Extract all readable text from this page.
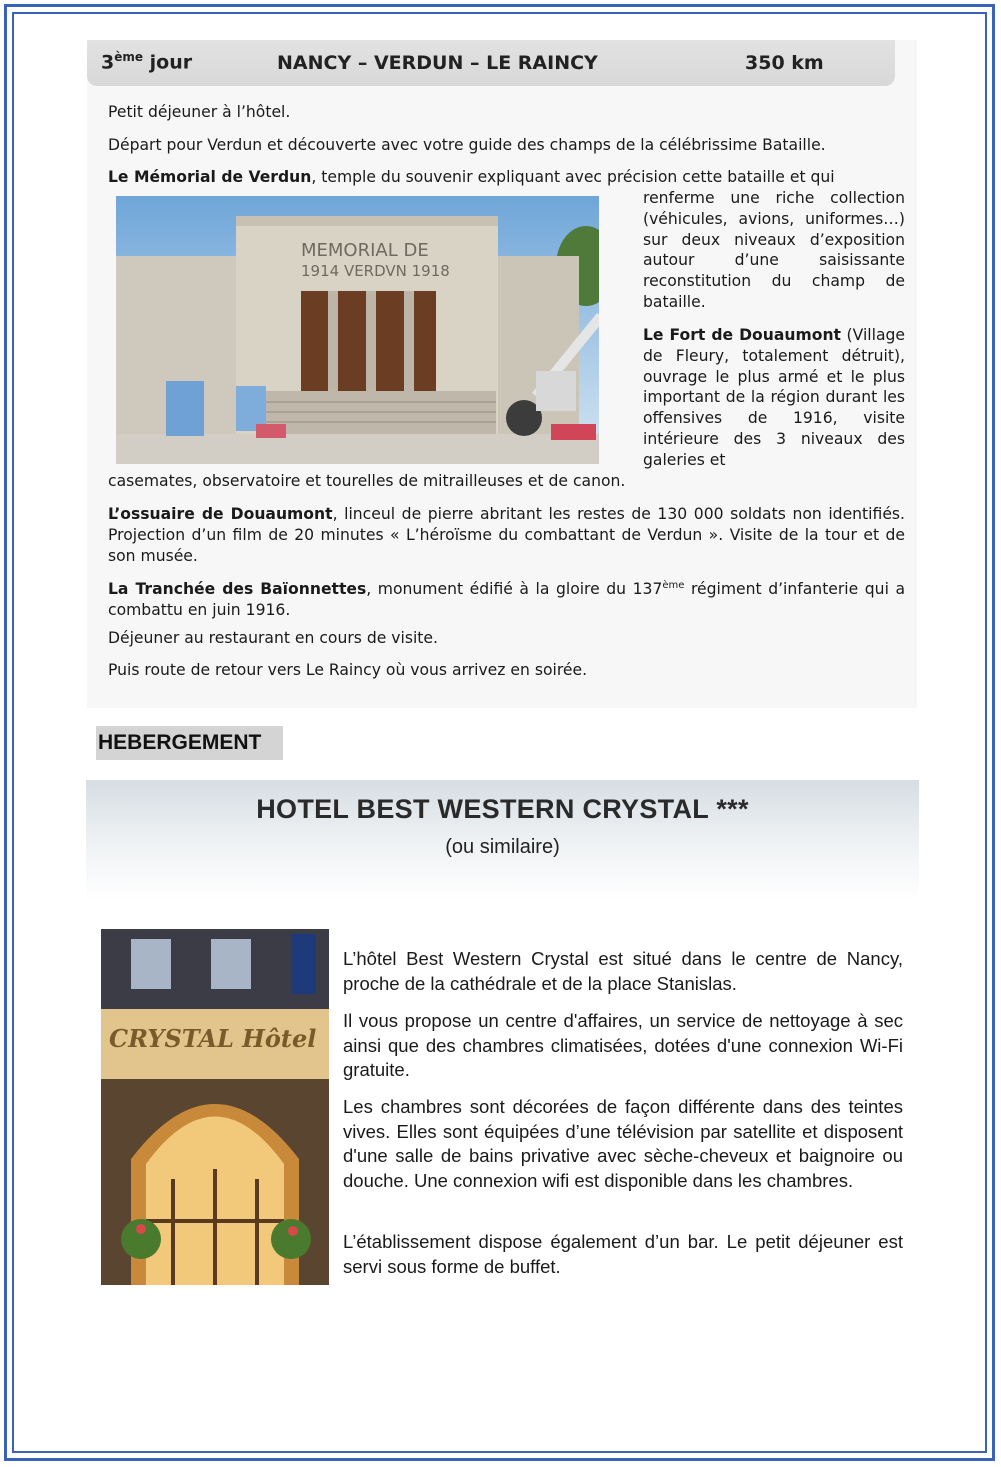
3ème jour	NANCY – VERDUN – LE RAINCY	350 km

Petit déjeuner à l’hôtel.

Départ pour Verdun et découverte avec votre guide des champs de la célébrissime Bataille.

Le Mémorial de Verdun, temple du souvenir expliquant avec précision cette bataille et qui

MEMORIAL DE
1914 VERDVN 1918

renferme une riche collection (véhicules, avions, uniformes…) sur deux niveaux d’exposition autour d’une saisissante reconstitution du champ de bataille.

Le Fort de Douaumont (Village de Fleury, totalement détruit), ouvrage le plus armé et le plus important de la région durant les offensives de 1916, visite intérieure des 3 niveaux des galeries et

casemates, observatoire et tourelles de mitrailleuses et de canon.

L’ossuaire de Douaumont, linceul de pierre abritant les restes de 130 000 soldats non identifiés. Projection d’un film de 20 minutes « L’héroïsme du combattant de Verdun ». Visite de la tour et de son musée.

La Tranchée des Baïonnettes, monument édifié à la gloire du 137ème régiment d’infanterie qui a combattu en juin 1916.

Déjeuner au restaurant en cours de visite.

Puis route de retour vers Le Raincy où vous arrivez en soirée.

HEBERGEMENT
HOTEL BEST WESTERN CRYSTAL ***
(ou similaire)
CRYSTAL Hôtel

L’hôtel Best Western Crystal est situé dans le centre de Nancy, proche de la cathédrale et de la place Stanislas.

Il vous propose un centre d'affaires, un service de nettoyage à sec ainsi que des chambres climatisées, dotées d'une connexion Wi-Fi gratuite.

Les chambres sont décorées de façon différente dans des teintes vives. Elles sont équipées d’une télévision par satellite et disposent d'une salle de bains privative avec sèche-cheveux et baignoire ou douche. Une connexion wifi est disponible dans les chambres.

L’établissement dispose également d’un bar. Le petit déjeuner est servi sous forme de buffet.
